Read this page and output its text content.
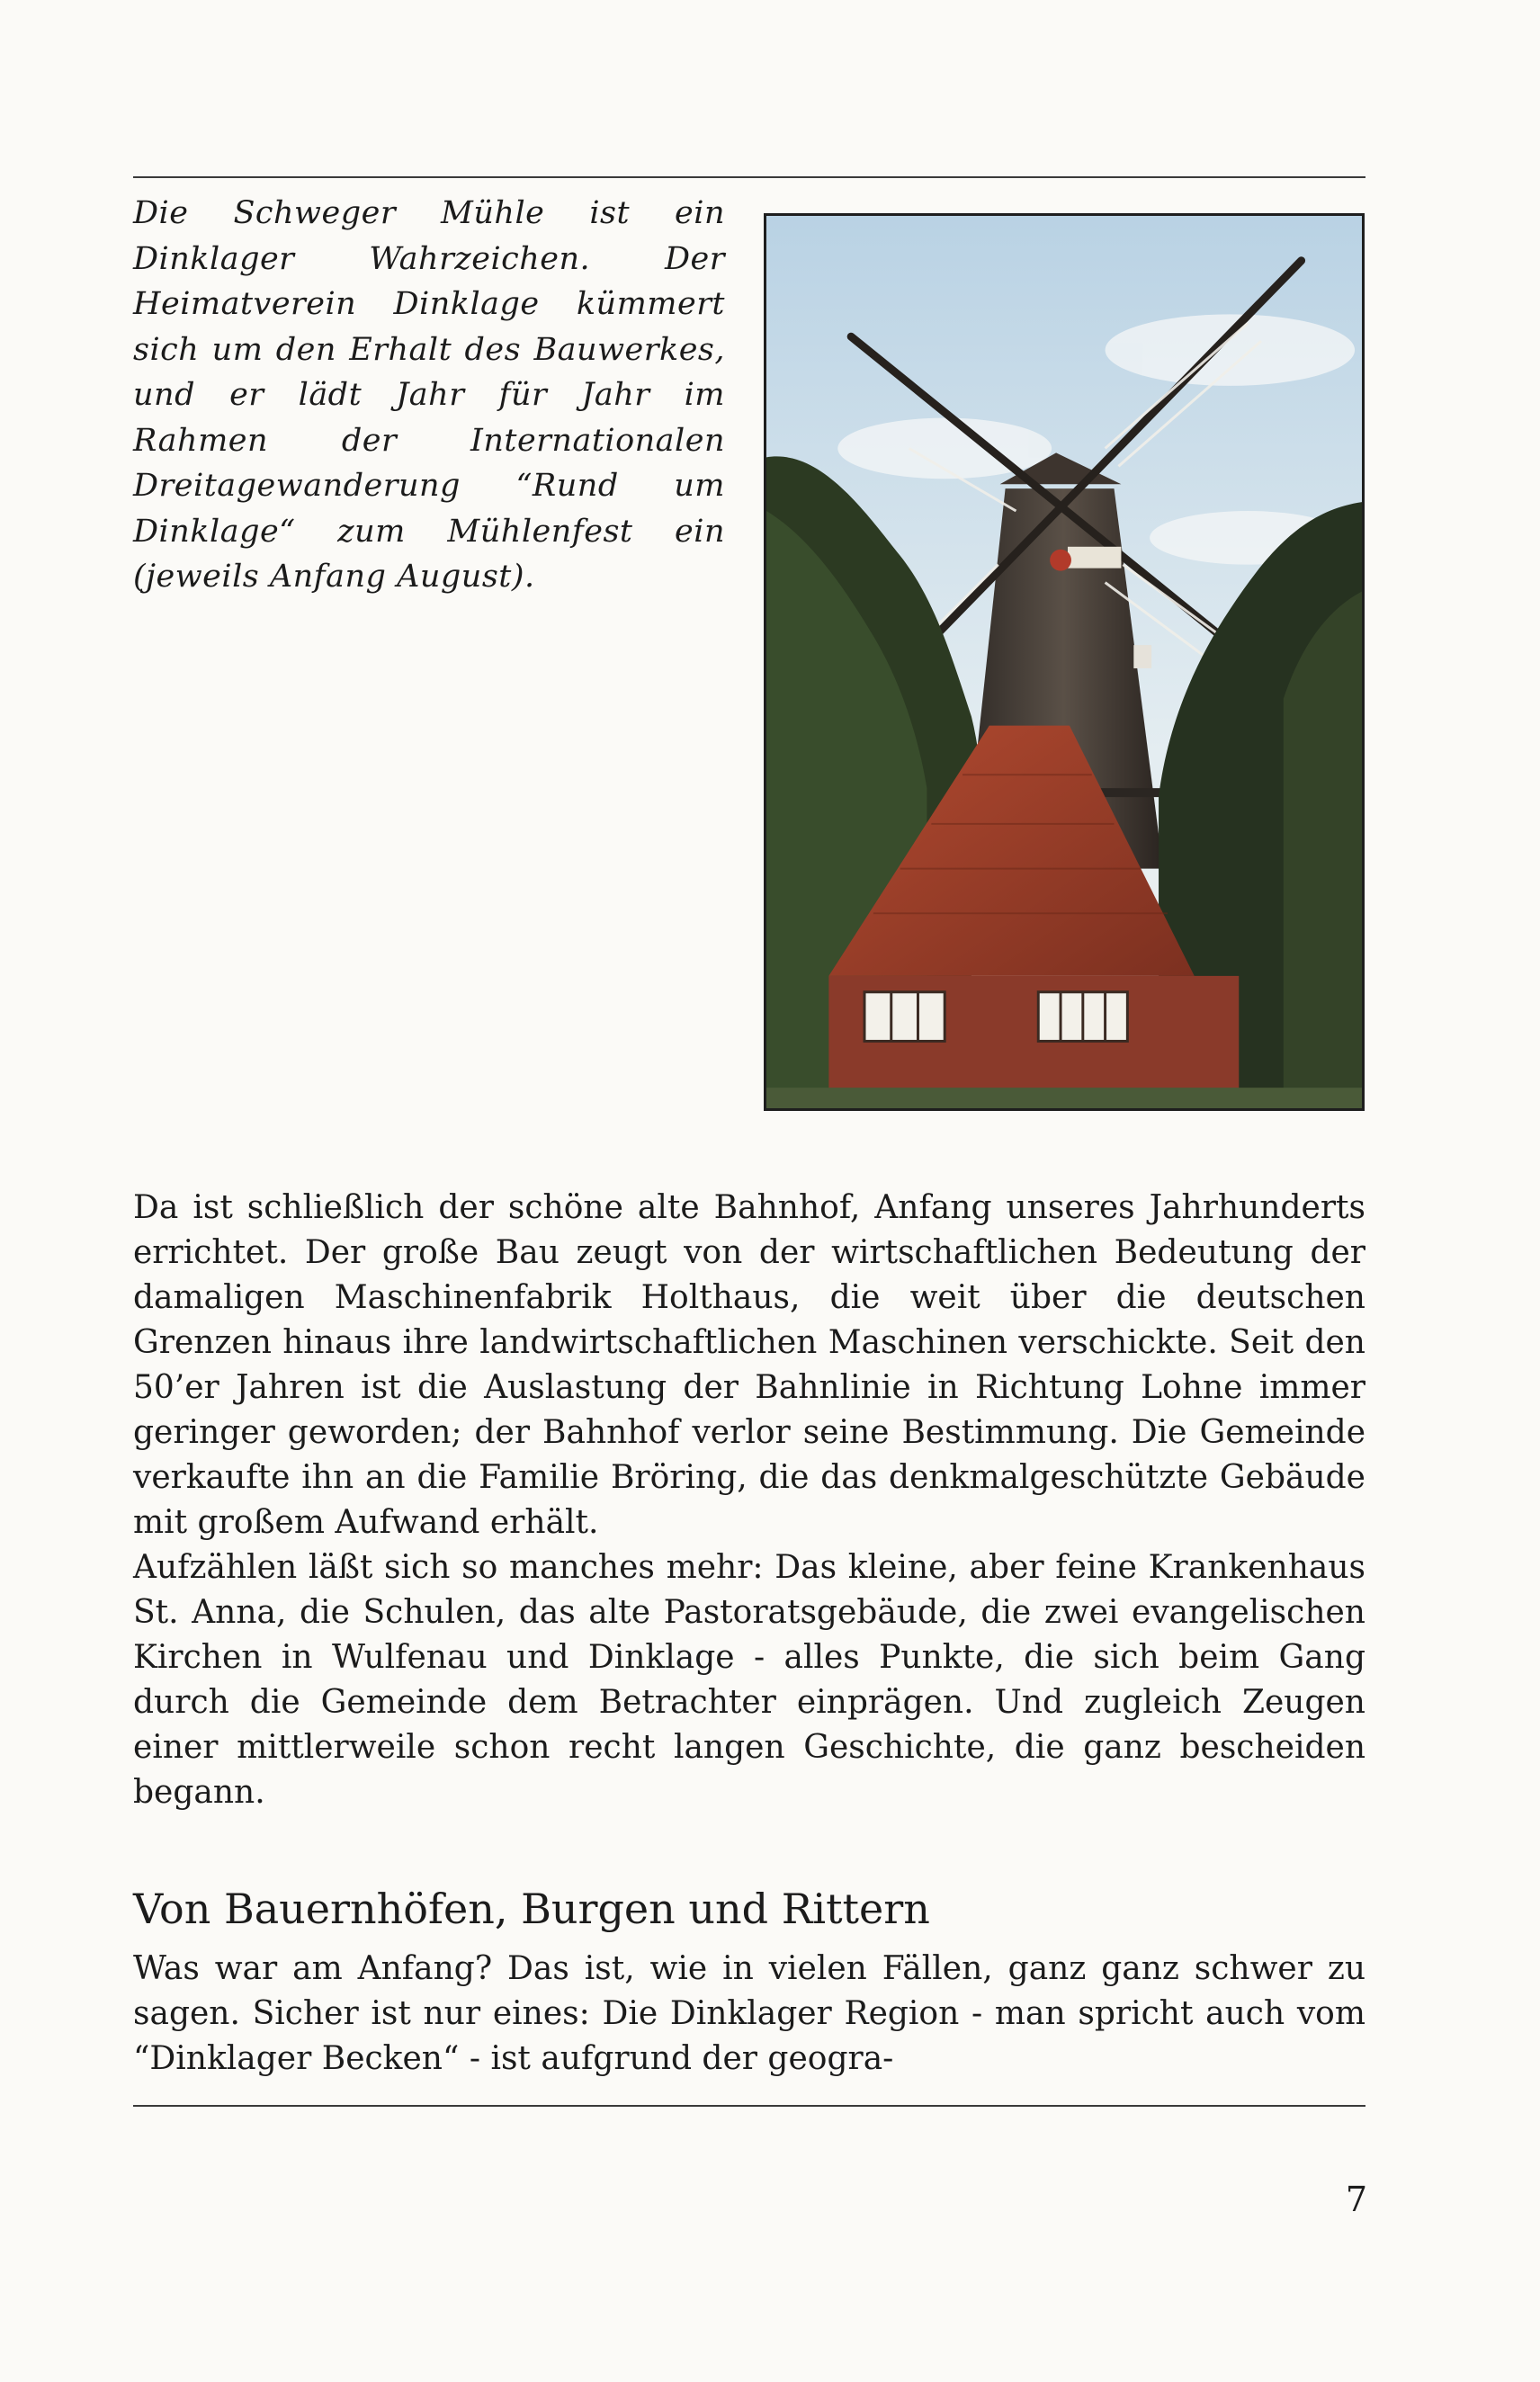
Die Schweger Mühle ist ein Dinklager Wahrzeichen. Der Heimatverein Dinklage kümmert sich um den Erhalt des Bauwerkes, und er lädt Jahr für Jahr im Rahmen der Internationalen Dreitagewanderung “Rund um Dinklage“ zum Mühlenfest ein (jeweils Anfang August).

Da ist schließlich der schöne alte Bahnhof, Anfang unseres Jahrhunderts errichtet. Der große Bau zeugt von der wirtschaftlichen Bedeutung der damaligen Maschinenfabrik Holthaus, die weit über die deutschen Grenzen hinaus ihre landwirtschaftlichen Maschinen verschickte. Seit den 50’er Jahren ist die Auslastung der Bahnlinie in Richtung Lohne immer geringer geworden; der Bahnhof verlor seine Bestimmung. Die Gemeinde verkaufte ihn an die Familie Bröring, die das denkmalgeschützte Gebäude mit großem Aufwand erhält.

Aufzählen läßt sich so manches mehr: Das kleine, aber feine Krankenhaus St. Anna, die Schulen, das alte Pastoratsgebäude, die zwei evangelischen Kirchen in Wulfenau und Dinklage - alles Punkte, die sich beim Gang durch die Gemeinde dem Betrachter einprägen. Und zugleich Zeugen einer mittlerweile schon recht langen Geschichte, die ganz bescheiden begann.

Von Bauernhöfen, Burgen und Rittern

Was war am Anfang? Das ist, wie in vielen Fällen, ganz ganz schwer zu sagen. Sicher ist nur eines: Die Dinklager Region - man spricht auch vom “Dinklager Becken“ - ist aufgrund der geogra-

7
